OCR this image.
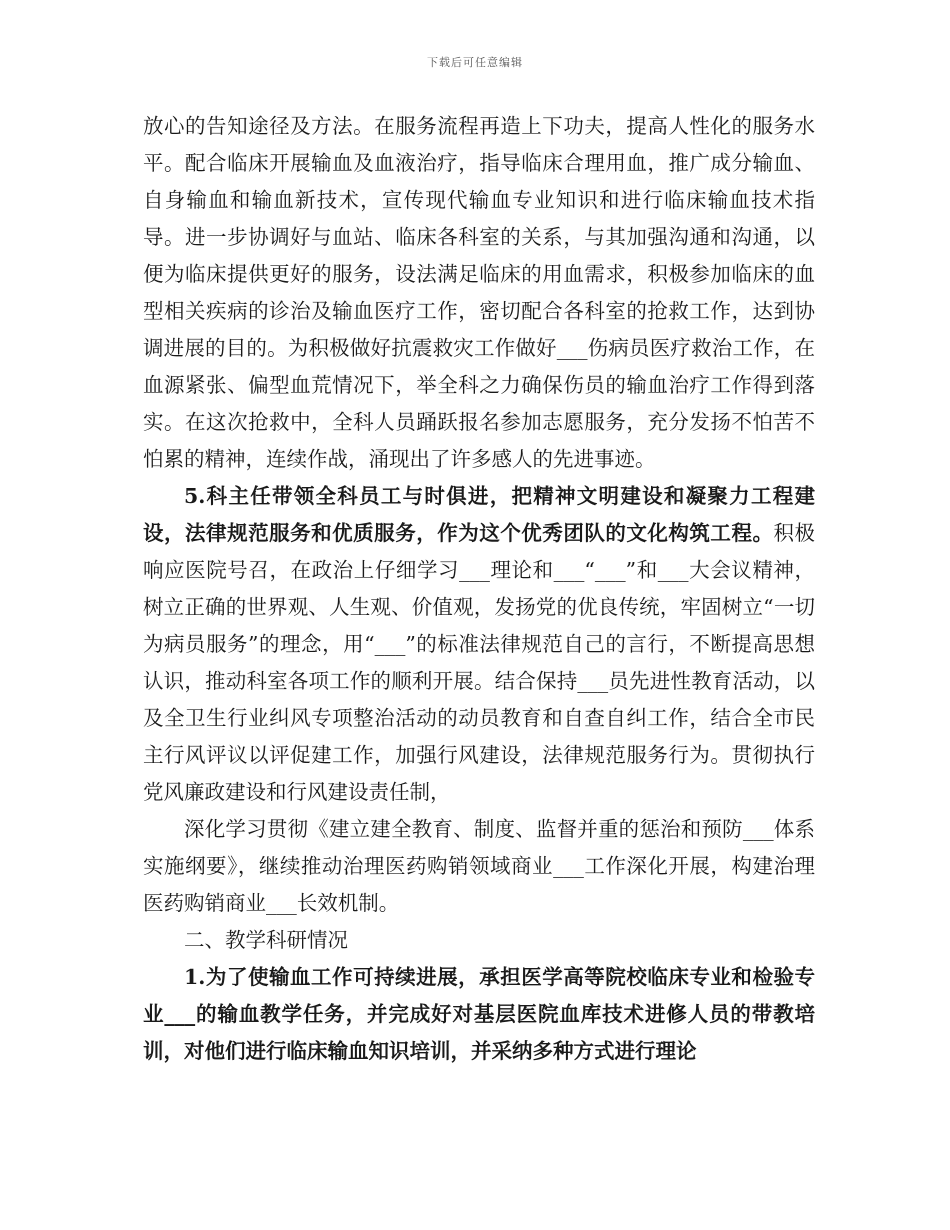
下载后可任意编辑

放心的告知途径及方法。在服务流程再造上下功夫，提高人性化的服务水平。配合临床开展输血及血液治疗，指导临床合理用血，推广成分输血、自身输血和输血新技术，宣传现代输血专业知识和进行临床输血技术指导。进一步协调好与血站、临床各科室的关系，与其加强沟通和沟通，以便为临床提供更好的服务，设法满足临床的用血需求，积极参加临床的血型相关疾病的诊治及输血医疗工作，密切配合各科室的抢救工作，达到协调进展的目的。为积极做好抗震救灾工作做好___伤病员医疗救治工作，在血源紧张、偏型血荒情况下，举全科之力确保伤员的输血治疗工作得到落实。在这次抢救中，全科人员踊跃报名参加志愿服务，充分发扬不怕苦不怕累的精神，连续作战，涌现出了许多感人的先进事迹。

5.科主任带领全科员工与时俱进，把精神文明建设和凝聚力工程建设，法律规范服务和优质服务，作为这个优秀团队的文化构筑工程。积极响应医院号召，在政治上仔细学习___理论和___“___”和___大会议精神，树立正确的世界观、人生观、价值观，发扬党的优良传统，牢固树立“一切为病员服务”的理念，用“___”的标准法律规范自己的言行，不断提高思想认识，推动科室各项工作的顺利开展。结合保持___员先进性教育活动，以及全卫生行业纠风专项整治活动的动员教育和自查自纠工作，结合全市民主行风评议以评促建工作，加强行风建设，法律规范服务行为。贯彻执行党风廉政建设和行风建设责任制，

深化学习贯彻《建立建全教育、制度、监督并重的惩治和预防___体系实施纲要》，继续推动治理医药购销领域商业___工作深化开展，构建治理医药购销商业___长效机制。

二、教学科研情况

1.为了使输血工作可持续进展，承担医学高等院校临床专业和检验专业___的输血教学任务，并完成好对基层医院血库技术进修人员的带教培训，对他们进行临床输血知识培训，并采纳多种方式进行理论
